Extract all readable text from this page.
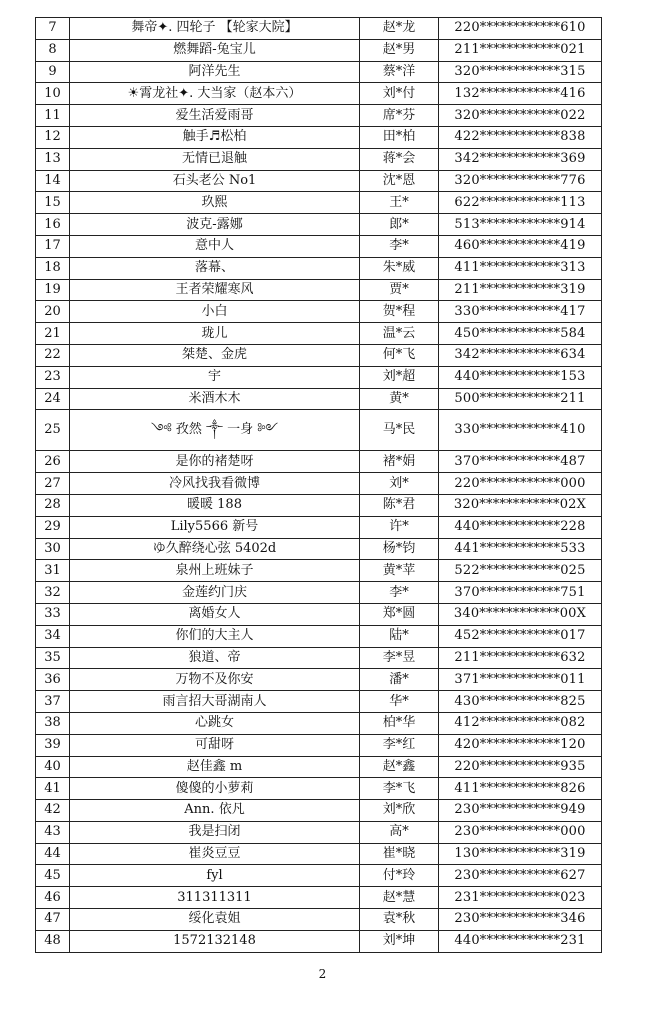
7	舞帝✦. 四轮子 【轮家大院】	赵*龙	220************610
8	燃舞蹈-兔宝儿	赵*男	211************021
9	阿洋先生	蔡*洋	320************315
10	☀霄龙社✦. 大当家（赵本六）	刘*付	132************416
11	爱生活爱雨哥	席*芬	320************022
12	触手♬松柏	田*柏	422************838
13	无情已退触	蒋*会	342************369
14	石头老公 No1	沈*恩	320************776
15	玖熙	王*	622************113
16	波克-露娜	郎*	513************914
17	意中人	李*	460************419
18	落幕、	朱*威	411************313
19	王者荣耀寒风	贾*	211************319
20	小白	贺*程	330************417
21	珑儿	温*云	450************584
22	桀楚、金虎	何*飞	342************634
23	宇	刘*超	440************153
24	米酒木木	黄*	500************211
25	༺ 孜然 ༒ 一身 ༻	马*民	330************410
26	是你的褚楚呀	褚*娟	370************487
27	冷风找我看微博	刘*	220************000
28	暖暖 188	陈*君	320************02X
29	Lily5566 新号	许*	440************228
30	ゆ久醉绕心弦 5402d	杨*钧	441************533
31	泉州上班妹子	黄*苹	522************025
32	金莲约门庆	李*	370************751
33	离婚女人	郑*圆	340************00X
34	你们的大主人	陆*	452************017
35	狼道、帝	李*昱	211************632
36	万物不及你安	潘*	371************011
37	雨言招大哥湖南人	华*	430************825
38	心跳女	柏*华	412************082
39	可甜呀	李*红	420************120
40	赵佳鑫 m	赵*鑫	220************935
41	傻傻的小萝莉	李*飞	411************826
42	Ann. 依凡	刘*欣	230************949
43	我是扫闭	高*	230************000
44	崔炎豆豆	崔*晓	130************319
45	fyl	付*玲	230************627
46	311311311	赵*慧	231************023
47	绥化袁姐	袁*秋	230************346
48	1572132148	刘*坤	440************231
2
